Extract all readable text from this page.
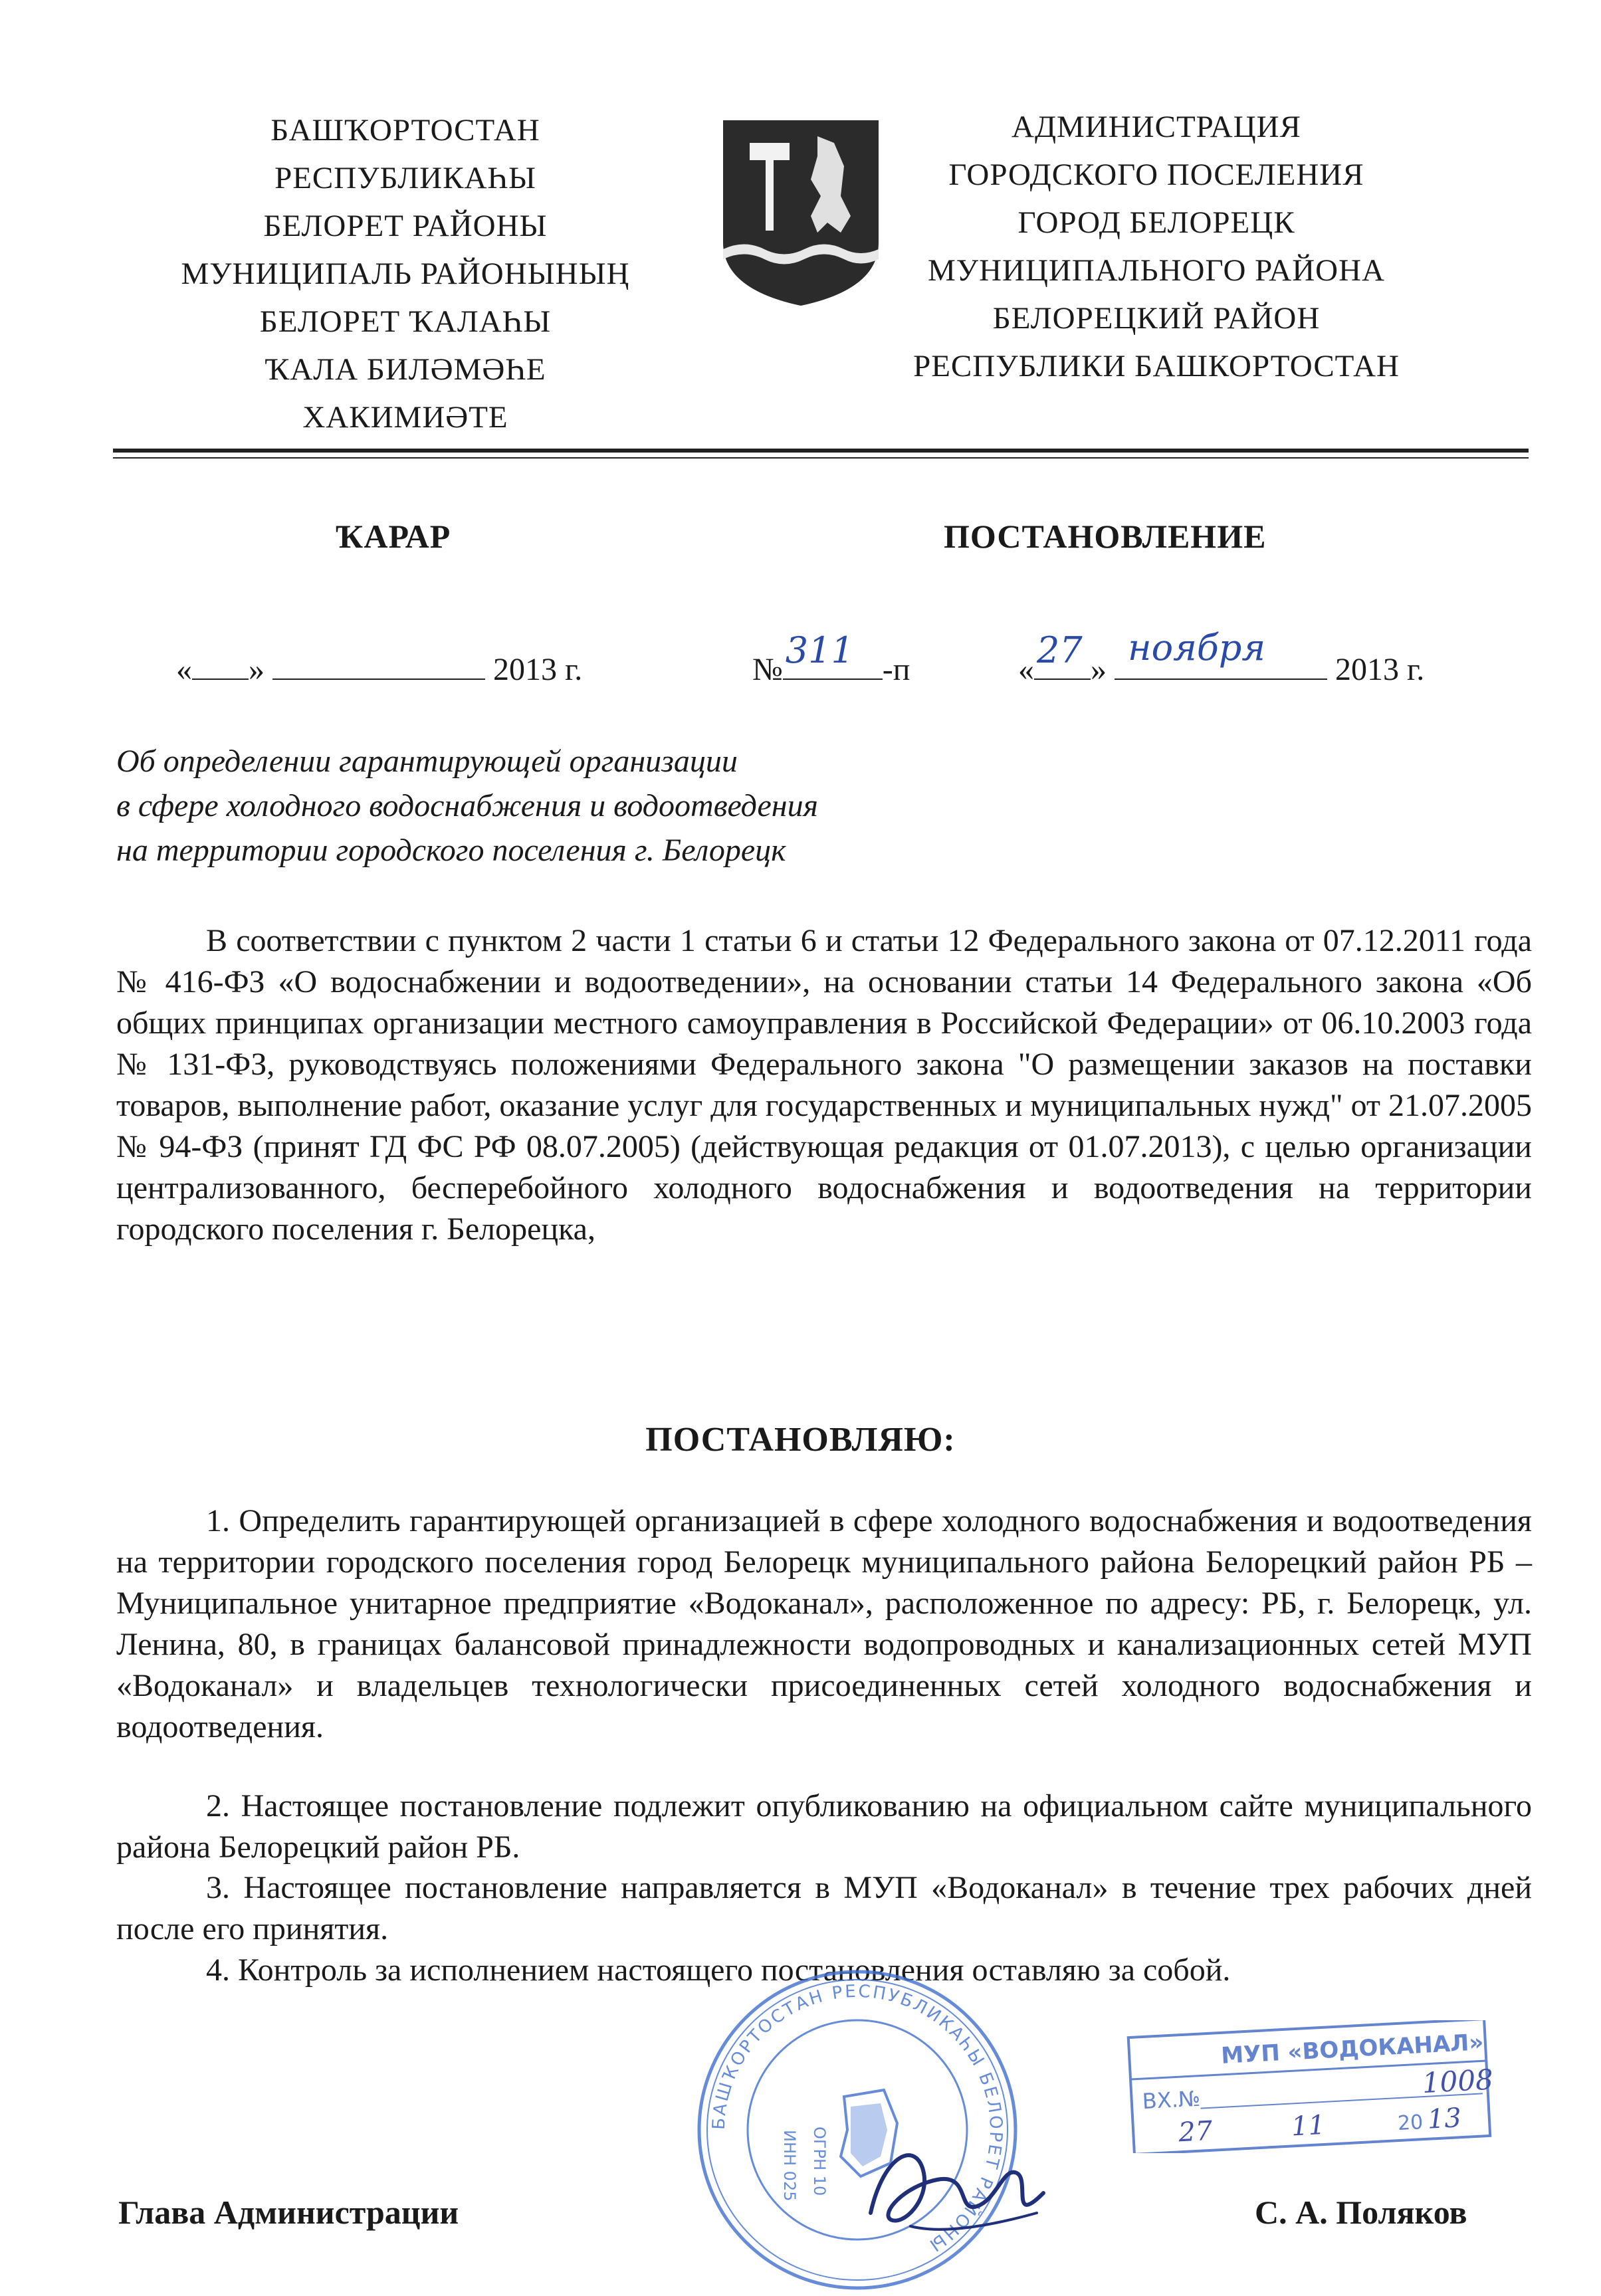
БАШҠОРТОСТАН
РЕСПУБЛИКАҺЫ
БЕЛОРЕТ РАЙОНЫ
МУНИЦИПАЛЬ РАЙОНЫНЫҢ
БЕЛОРЕТ ҠАЛАҺЫ
ҠАЛА БИЛӘМӘҺЕ
ХАКИМИӘТЕ
АДМИНИСТРАЦИЯ
ГОРОДСКОГО ПОСЕЛЕНИЯ
ГОРОД БЕЛОРЕЦК
МУНИЦИПАЛЬНОГО РАЙОНА
БЕЛОРЕЦКИЙ РАЙОН
РЕСПУБЛИКИ БАШКОРТОСТАН
ҠАРАР	ПОСТАНОВЛЕНИЕ
« »	2013 г.	№ 311 -п	« 27 »
ноября
2013 г.
Об определении гарантирующей организации
в сфере холодного водоснабжения и водоотведения
на территории городского поселения г. Белорецк
В соответствии с пунктом 2 части 1 статьи 6 и статьи 12 Федерального закона от 07.12.2011 года № 416-ФЗ «О водоснабжении и водоотведении», на основании статьи 14 Федерального закона «Об общих принципах организации местного самоуправления в Российской Федерации» от 06.10.2003 года № 131-ФЗ, руководствуясь положениями Федерального закона "О размещении заказов на поставки товаров, выполнение работ, оказание услуг для государственных и муниципальных нужд" от 21.07.2005 № 94-ФЗ (принят ГД ФС РФ 08.07.2005) (действующая редакция от 01.07.2013), с целью организации централизованного, бесперебойного холодного водоснабжения и водоотведения на территории городского поселения г. Белорецка,
ПОСТАНОВЛЯЮ:
1. Определить гарантирующей организацией в сфере холодного водоснабжения и водоотведения на территории городского поселения город Белорецк муниципального района Белорецкий район РБ – Муниципальное унитарное предприятие «Водоканал», расположенное по адресу: РБ, г. Белорецк, ул. Ленина, 80, в границах балансовой принадлежности водопроводных и канализационных сетей МУП «Водоканал» и владельцев технологически присоединенных сетей холодного водоснабжения и водоотведения.
2. Настоящее постановление подлежит опубликованию на официальном сайте муниципального района Белорецкий район РБ.
3. Настоящее постановление направляется в МУП «Водоканал» в течение трех рабочих дней после его принятия.
4. Контроль за исполнением настоящего постановления оставляю за собой.
БАШҠОРТОСТАН РЕСПУБЛИКАҺЫ БЕЛОРЕТ РАЙОНЫ
ОГРН 10
ИНН 025
МУП «ВОДОКАНАЛ»
ВХ.№
1008
27	11	20 13
Глава Администрации	С. А. Поляков
